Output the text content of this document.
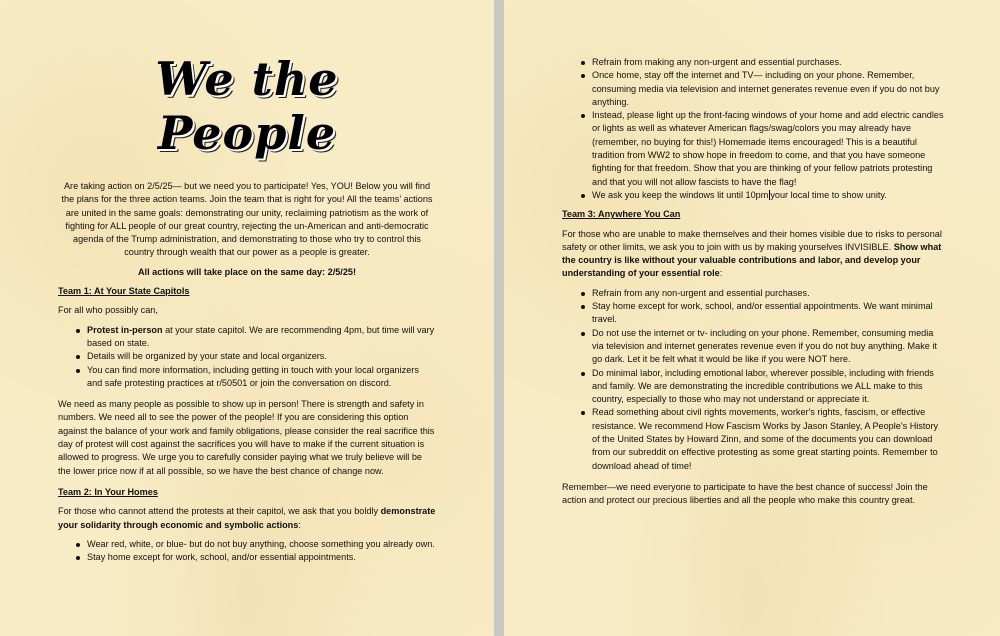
We the People

Are taking action on 2/5/25— but we need you to participate! Yes, YOU! Below you will find the plans for the three action teams. Join the team that is right for you! All the teams’ actions are united in the same goals: demonstrating our unity, reclaiming patriotism as the work of fighting for ALL people of our great country, rejecting the un-American and anti-democratic agenda of the Trump administration, and demonstrating to those who try to control this country through wealth that our power as a people is greater.

All actions will take place on the same day: 2/5/25!

Team 1: At Your State Capitols

For all who possibly can,

Protest in-person at your state capitol. We are recommending 4pm, but time will vary based on state.
Details will be organized by your state and local organizers.
You can find more information, including getting in touch with your local organizers and safe protesting practices at r/50501 or join the conversation on discord.

We need as many people as possible to show up in person! There is strength and safety in numbers. We need all to see the power of the people! If you are considering this option against the balance of your work and family obligations, please consider the real sacrifice this day of protest will cost against the sacrifices you will have to make if the current situation is allowed to progress. We urge you to carefully consider paying what we truly believe will be the lower price now if at all possible, so we have the best chance of change now.

Team 2: In Your Homes

For those who cannot attend the protests at their capitol, we ask that you boldly demonstrate your solidarity through economic and symbolic actions:

Wear red, white, or blue- but do not buy anything, choose something you already own.
Stay home except for work, school, and/or essential appointments.
Refrain from making any non-urgent and essential purchases.
Once home, stay off the internet and TV— including on your phone. Remember, consuming media via television and internet generates revenue even if you do not buy anything.
Instead, please light up the front-facing windows of your home and add electric candles or lights as well as whatever American flags/swag/colors you may already have (remember, no buying for this!) Homemade items encouraged! This is a beautiful tradition from WW2 to show hope in freedom to come, and that you have someone fighting for that freedom. Show that you are thinking of your fellow patriots protesting and that you will not allow fascists to have the flag!
We ask you keep the windows lit until 10pm your local time to show unity.
Team 3: Anywhere You Can

For those who are unable to make themselves and their homes visible due to risks to personal safety or other limits, we ask you to join with us by making yourselves INVISIBLE. Show what the country is like without your valuable contributions and labor, and develop your understanding of your essential role:

Refrain from any non-urgent and essential purchases.
Stay home except for work, school, and/or essential appointments. We want minimal travel.
Do not use the internet or tv- including on your phone. Remember, consuming media via television and internet generates revenue even if you do not buy anything. Make it go dark. Let it be felt what it would be like if you were NOT here.
Do minimal labor, including emotional labor, wherever possible, including with friends and family. We are demonstrating the incredible contributions we ALL make to this country, especially to those who may not understand or appreciate it.
Read something about civil rights movements, worker's rights, fascism, or effective resistance. We recommend How Fascism Works by Jason Stanley, A People's History of the United States by Howard Zinn, and some of the documents you can download from our subreddit on effective protesting as some great starting points. Remember to download ahead of time!

Remember—we need everyone to participate to have the best chance of success! Join the action and protect our precious liberties and all the people who make this country great.
